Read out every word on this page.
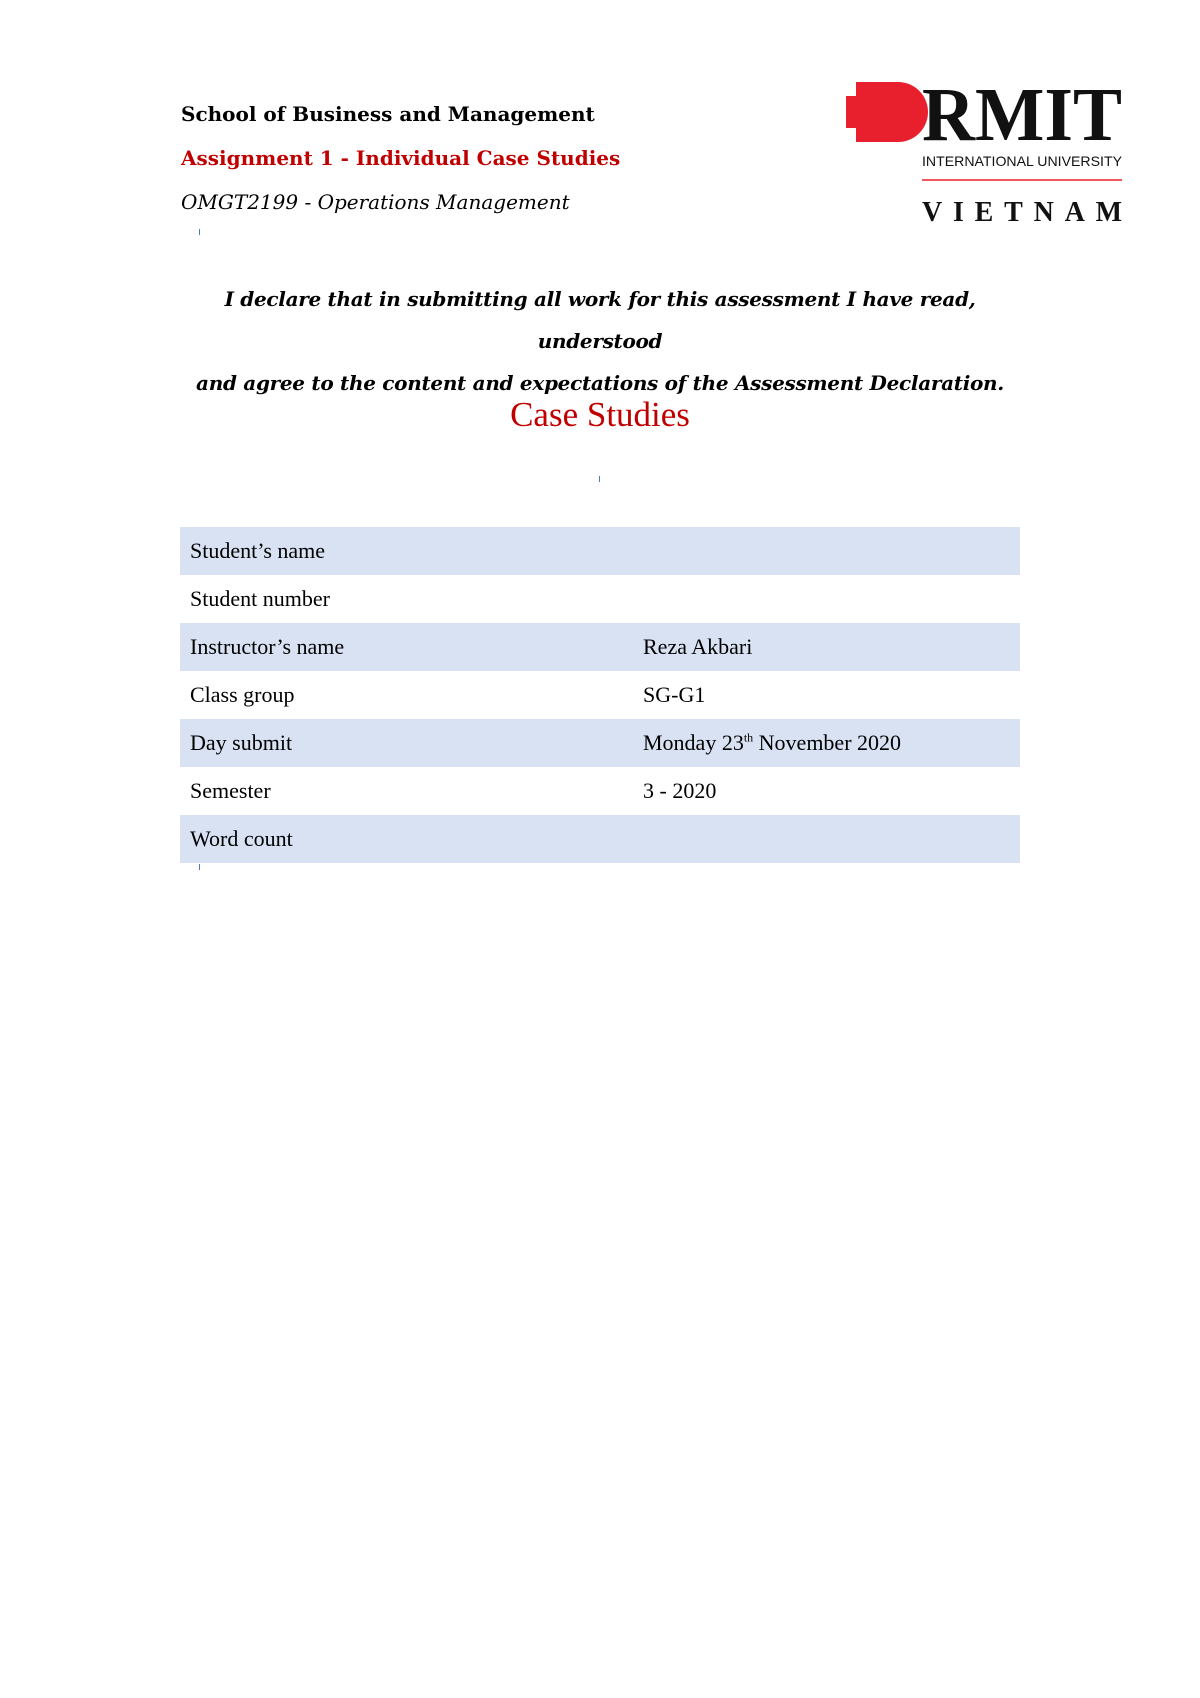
School of Business and Management
Assignment 1 - Individual Case Studies
OMGT2199 - Operations Management
RMIT
INTERNATIONAL UNIVERSITY
VIETNAM
I declare that in submitting all work for this assessment I have read, understood
and agree to the content and expectations of the Assessment Declaration.
Case Studies
Student’s name	
Student number	
Instructor’s name	Reza Akbari
Class group	SG-G1
Day submit	Monday 23th November 2020
Semester	3 - 2020
Word count	
